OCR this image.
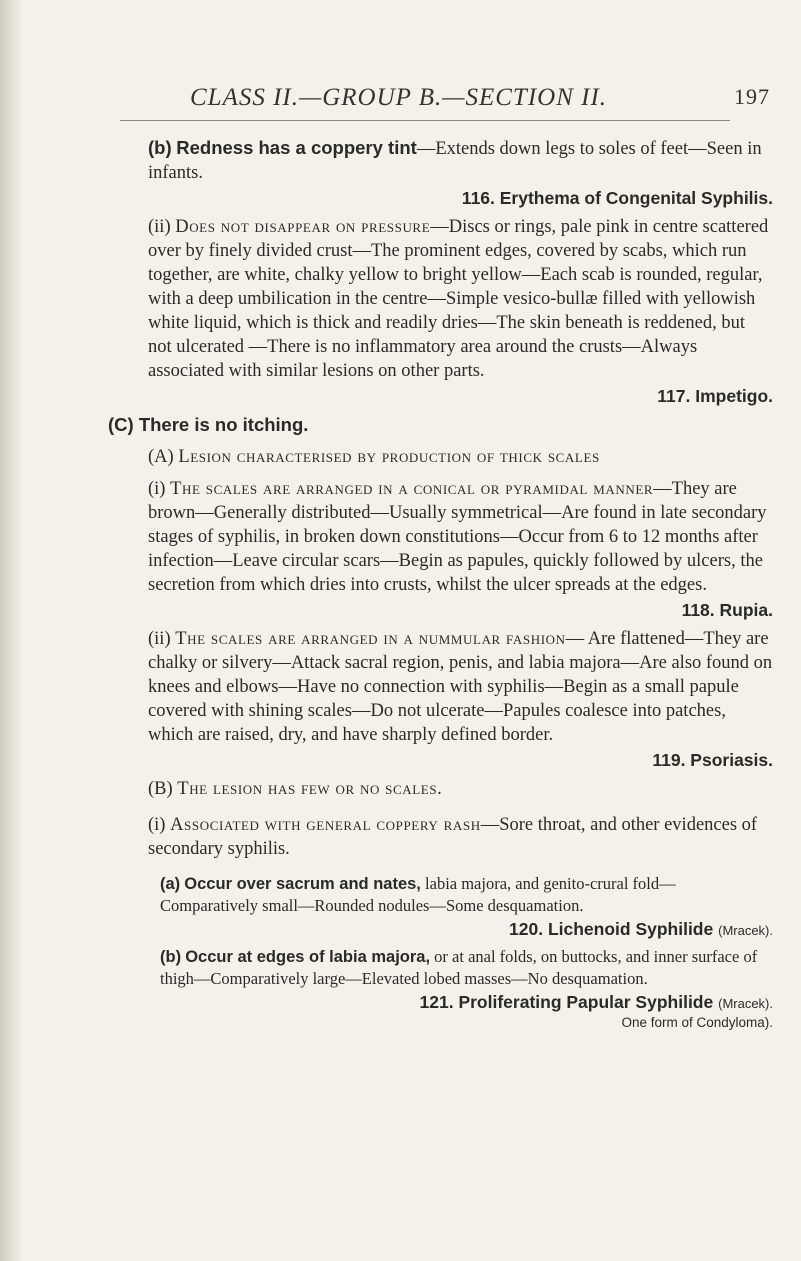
CLASS II.—GROUP B.—SECTION II.	197

(b) Redness has a coppery tint—Extends down legs to soles of feet—Seen in infants.

116. Erythema of Congenital Syphilis.

(ii) Does not disappear on pressure—Discs or rings, pale pink in centre scattered over by finely divided crust—The prominent edges, covered by scabs, which run together, are white, chalky yellow to bright yellow—Each scab is rounded, regular, with a deep umbilication in the centre—Simple vesico-bullæ filled with yellowish white liquid, which is thick and readily dries—The skin beneath is reddened, but not ulcerated —There is no inflammatory area around the crusts—Always associated with similar lesions on other parts.

117. Impetigo.

(C) There is no itching.

(A) Lesion characterised by production of thick scales

(i) The scales are arranged in a conical or pyramidal manner—They are brown—Generally distributed—Usually symmetrical—Are found in late secondary stages of syphilis, in broken down constitutions—Occur from 6 to 12 months after infection—Leave circular scars—Begin as papules, quickly followed by ulcers, the secretion from which dries into crusts, whilst the ulcer spreads at the edges.

118. Rupia.

(ii) The scales are arranged in a nummular fashion— Are flattened—They are chalky or silvery—Attack sacral region, penis, and labia majora—Are also found on knees and elbows—Have no connection with syphilis—Begin as a small papule covered with shining scales—Do not ulcerate—Papules coalesce into patches, which are raised, dry, and have sharply defined border.

119. Psoriasis.

(B) The lesion has few or no scales.

(i) Associated with general coppery rash—Sore throat, and other evidences of secondary syphilis.

(a) Occur over sacrum and nates, labia majora, and genito-crural fold—Comparatively small—Rounded nodules—Some desquamation.

120. Lichenoid Syphilide (Mracek).

(b) Occur at edges of labia majora, or at anal folds, on buttocks, and inner surface of thigh—Comparatively large—Elevated lobed masses—No desquamation.

121. Proliferating Papular Syphilide (Mracek).

One form of Condyloma).
